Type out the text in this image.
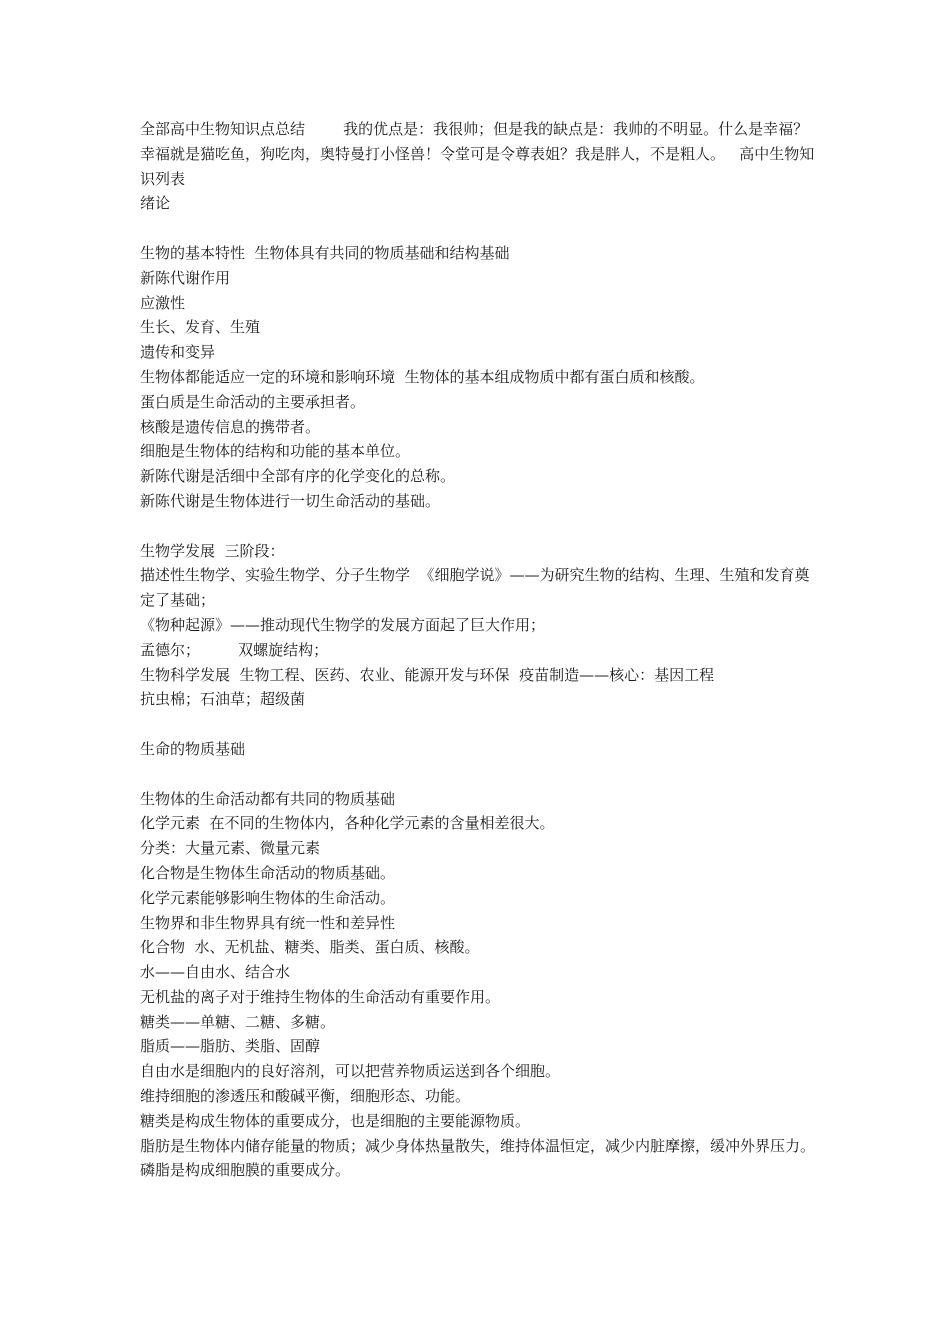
全部高中生物知识点总结        我的优点是：我很帅；但是我的缺点是：我帅的不明显。什么是幸福？幸福就是猫吃鱼，狗吃肉，奥特曼打小怪兽！令堂可是令尊表姐？我是胖人，不是粗人。   高中生物知识列表
绪论
生物的基本特性  生物体具有共同的物质基础和结构基础
新陈代谢作用
应激性
生长、发育、生殖
遗传和变异
生物体都能适应一定的环境和影响环境  生物体的基本组成物质中都有蛋白质和核酸。
蛋白质是生命活动的主要承担者。
核酸是遗传信息的携带者。
细胞是生物体的结构和功能的基本单位。
新陈代谢是活细中全部有序的化学变化的总称。
新陈代谢是生物体进行一切生命活动的基础。
生物学发展  三阶段：
描述性生物学、实验生物学、分子生物学  《细胞学说》——为研究生物的结构、生理、生殖和发育奠定了基础；
《物种起源》——推动现代生物学的发展方面起了巨大作用；
孟德尔；        双螺旋结构；
生物科学发展  生物工程、医药、农业、能源开发与环保  疫苗制造——核心：基因工程
抗虫棉；石油草；超级菌
生命的物质基础
生物体的生命活动都有共同的物质基础
化学元素  在不同的生物体内，各种化学元素的含量相差很大。
分类：大量元素、微量元素
化合物是生物体生命活动的物质基础。
化学元素能够影响生物体的生命活动。
生物界和非生物界具有统一性和差异性
化合物  水、无机盐、糖类、脂类、蛋白质、核酸。
水——自由水、结合水
无机盐的离子对于维持生物体的生命活动有重要作用。
糖类——单糖、二糖、多糖。
脂质——脂肪、类脂、固醇
自由水是细胞内的良好溶剂，可以把营养物质运送到各个细胞。
维持细胞的渗透压和酸碱平衡，细胞形态、功能。
糖类是构成生物体的重要成分，也是细胞的主要能源物质。
脂肪是生物体内储存能量的物质；减少身体热量散失，维持体温恒定，减少内脏摩擦，缓冲外界压力。
磷脂是构成细胞膜的重要成分。
